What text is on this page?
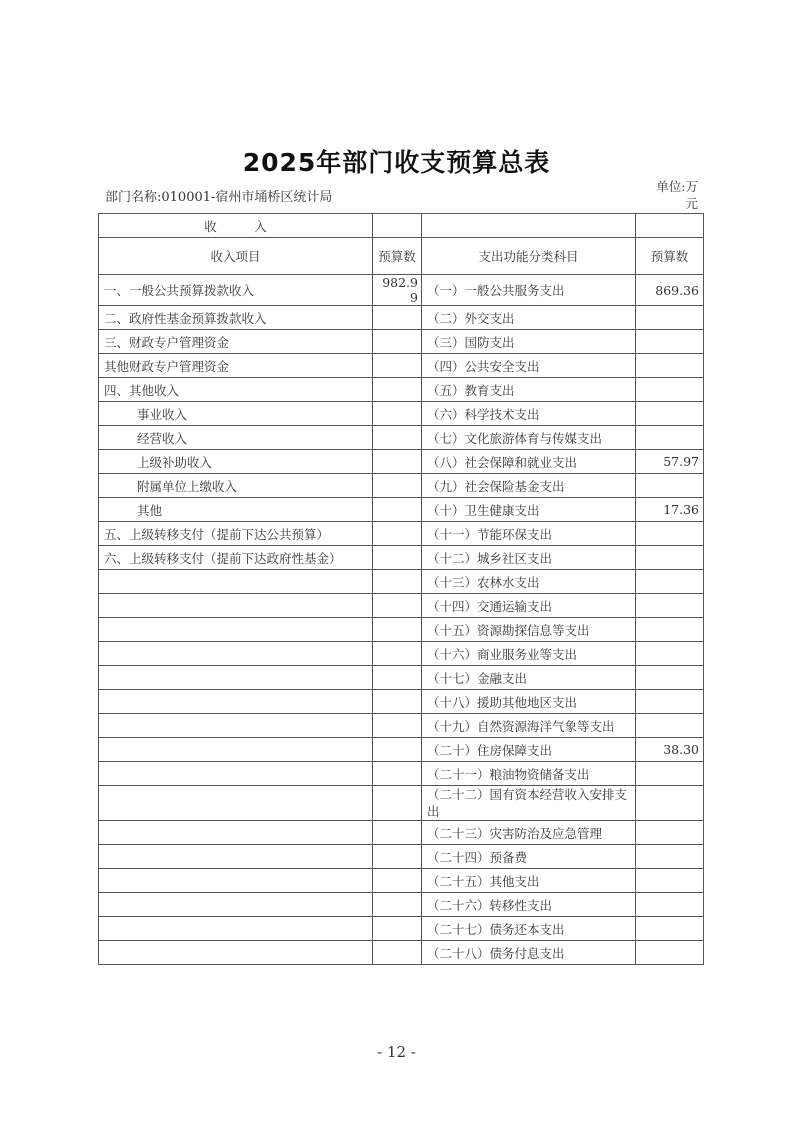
2025年部门收支预算总表
部门名称:010001-宿州市埇桥区统计局
单位:万元
收　　　入			
收入项目	预算数	支出功能分类科目	预算数
一、一般公共预算拨款收入	982.99	（一）一般公共服务支出	869.36
二、政府性基金预算拨款收入		（二）外交支出	
三、财政专户管理资金		（三）国防支出	
其他财政专户管理资金		（四）公共安全支出	
四、其他收入		（五）教育支出	
事业收入		（六）科学技术支出	
经营收入		（七）文化旅游体育与传媒支出	
上级补助收入		（八）社会保障和就业支出	57.97
附属单位上缴收入		（九）社会保险基金支出	
其他		（十）卫生健康支出	17.36
五、上级转移支付（提前下达公共预算）		（十一）节能环保支出	
六、上级转移支付（提前下达政府性基金）		（十二）城乡社区支出	
		（十三）农林水支出	
		（十四）交通运输支出	
		（十五）资源勘探信息等支出	
		（十六）商业服务业等支出	
		（十七）金融支出	
		（十八）援助其他地区支出	
		（十九）自然资源海洋气象等支出	
		（二十）住房保障支出	38.30
		（二十一）粮油物资储备支出	
		（二十二）国有资本经营收入安排支出	
		（二十三）灾害防治及应急管理	
		（二十四）预备费	
		（二十五）其他支出	
		（二十六）转移性支出	
		（二十七）债务还本支出	
		（二十八）债务付息支出	
- 12 -
